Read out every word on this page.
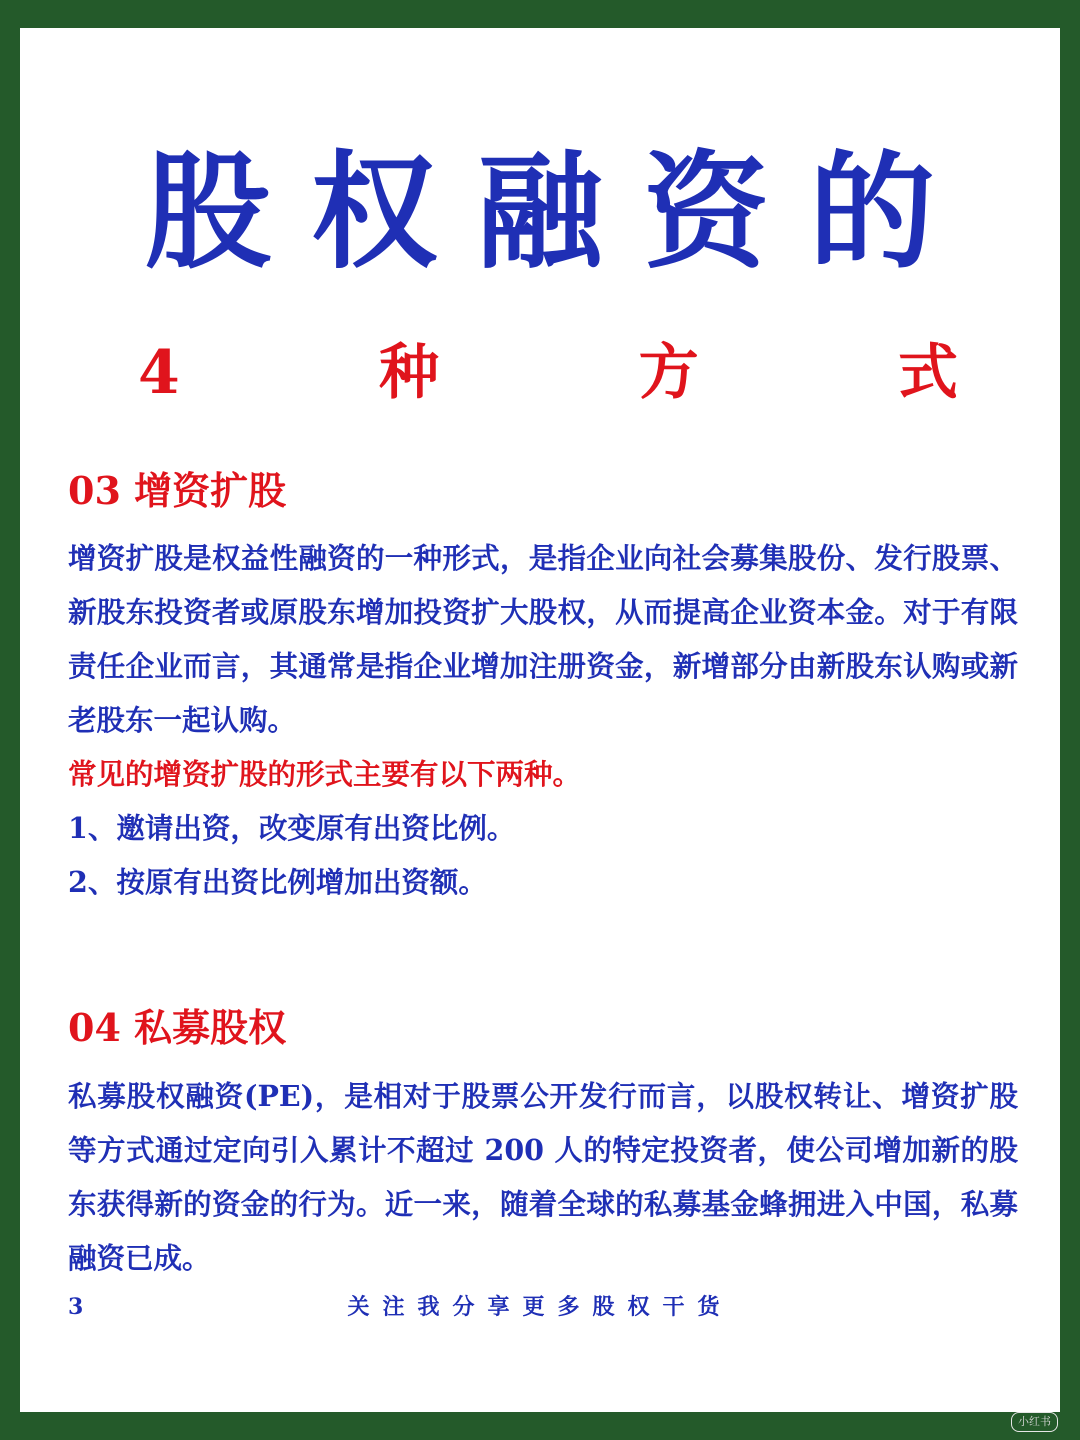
股权融资的
4	种	方	式
03 增资扩股

增资扩股是权益性融资的一种形式，是指企业向社会募集股份、发行股票、新股东投资者或原股东增加投资扩大股权，从而提高企业资本金。对于有限责任企业而言，其通常是指企业增加注册资金，新增部分由新股东认购或新老股东一起认购。

常见的增资扩股的形式主要有以下两种。

1、邀请出资，改变原有出资比例。

2、按原有出资比例增加出资额。

04 私募股权

私募股权融资(PE)，是相对于股票公开发行而言，以股权转让、增资扩股等方式通过定向引入累计不超过 200 人的特定投资者，使公司增加新的股东获得新的资金的行为。近一来，随着全球的私募基金蜂拥进入中国，私募融资已成。

3	关注我分享更多股权干货
小红书
